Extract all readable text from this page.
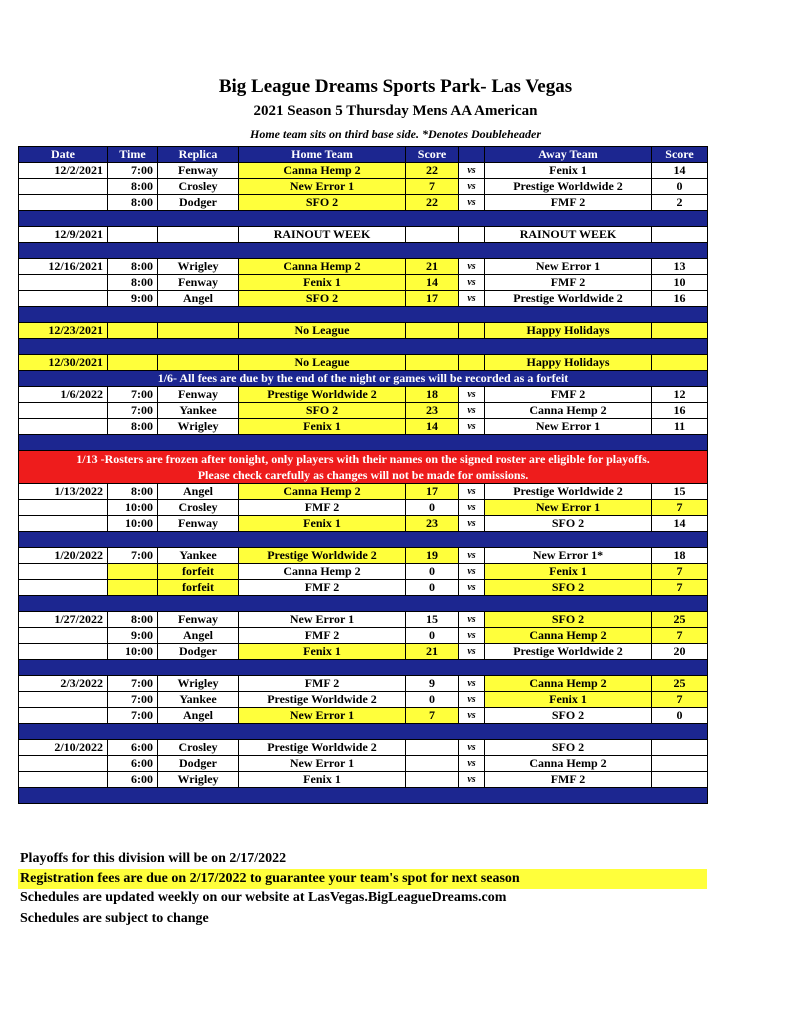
Big League Dreams Sports Park- Las Vegas
2021 Season 5 Thursday Mens AA American
Home team sits on third base side. *Denotes Doubleheader
Date	Time	Replica	Home Team	Score		Away Team	Score
12/2/2021	7:00	Fenway	Canna Hemp 2	22	vs	Fenix 1	14
	8:00	Crosley	New Error 1	7	vs	Prestige Worldwide 2	0
	8:00	Dodger	SFO 2	22	vs	FMF 2	2

12/9/2021			RAINOUT WEEK			RAINOUT WEEK	

12/16/2021	8:00	Wrigley	Canna Hemp 2	21	vs	New Error 1	13
	8:00	Fenway	Fenix 1	14	vs	FMF 2	10
	9:00	Angel	SFO 2	17	vs	Prestige Worldwide 2	16

12/23/2021			No League			Happy Holidays	

12/30/2021			No League			Happy Holidays	
1/6- All fees are due by the end of the night or games will be recorded as a forfeit							
1/6/2022	7:00	Fenway	Prestige Worldwide 2	18	vs	FMF 2	12
	7:00	Yankee	SFO 2	23	vs	Canna Hemp 2	16
	8:00	Wrigley	Fenix 1	14	vs	New Error 1	11

1/13 -Rosters are frozen after tonight, only players with their names on the signed roster are eligible for playoffs.
Please check carefully as changes will not be made for omissions.							

1/13/2022	8:00	Angel	Canna Hemp 2	17	vs	Prestige Worldwide 2	15
	10:00	Crosley	FMF 2	0	vs	New Error 1	7
	10:00	Fenway	Fenix 1	23	vs	SFO 2	14

1/20/2022	7:00	Yankee	Prestige Worldwide 2	19	vs	New Error 1*	18
		forfeit	Canna Hemp 2	0	vs	Fenix 1	7
		forfeit	FMF 2	0	vs	SFO 2	7

1/27/2022	8:00	Fenway	New Error 1	15	vs	SFO 2	25
	9:00	Angel	FMF 2	0	vs	Canna Hemp 2	7
	10:00	Dodger	Fenix 1	21	vs	Prestige Worldwide 2	20

2/3/2022	7:00	Wrigley	FMF 2	9	vs	Canna Hemp 2	25
	7:00	Yankee	Prestige Worldwide 2	0	vs	Fenix 1	7
	7:00	Angel	New Error 1	7	vs	SFO 2	0

2/10/2022	6:00	Crosley	Prestige Worldwide 2		vs	SFO 2	
	6:00	Dodger	New Error 1		vs	Canna Hemp 2	
	6:00	Wrigley	Fenix 1		vs	FMF 2	

Playoffs for this division will be on 2/17/2022
Registration fees are due on 2/17/2022 to guarantee your team's spot for next season
Schedules are updated weekly on our website at LasVegas.BigLeagueDreams.com
Schedules are subject to change
